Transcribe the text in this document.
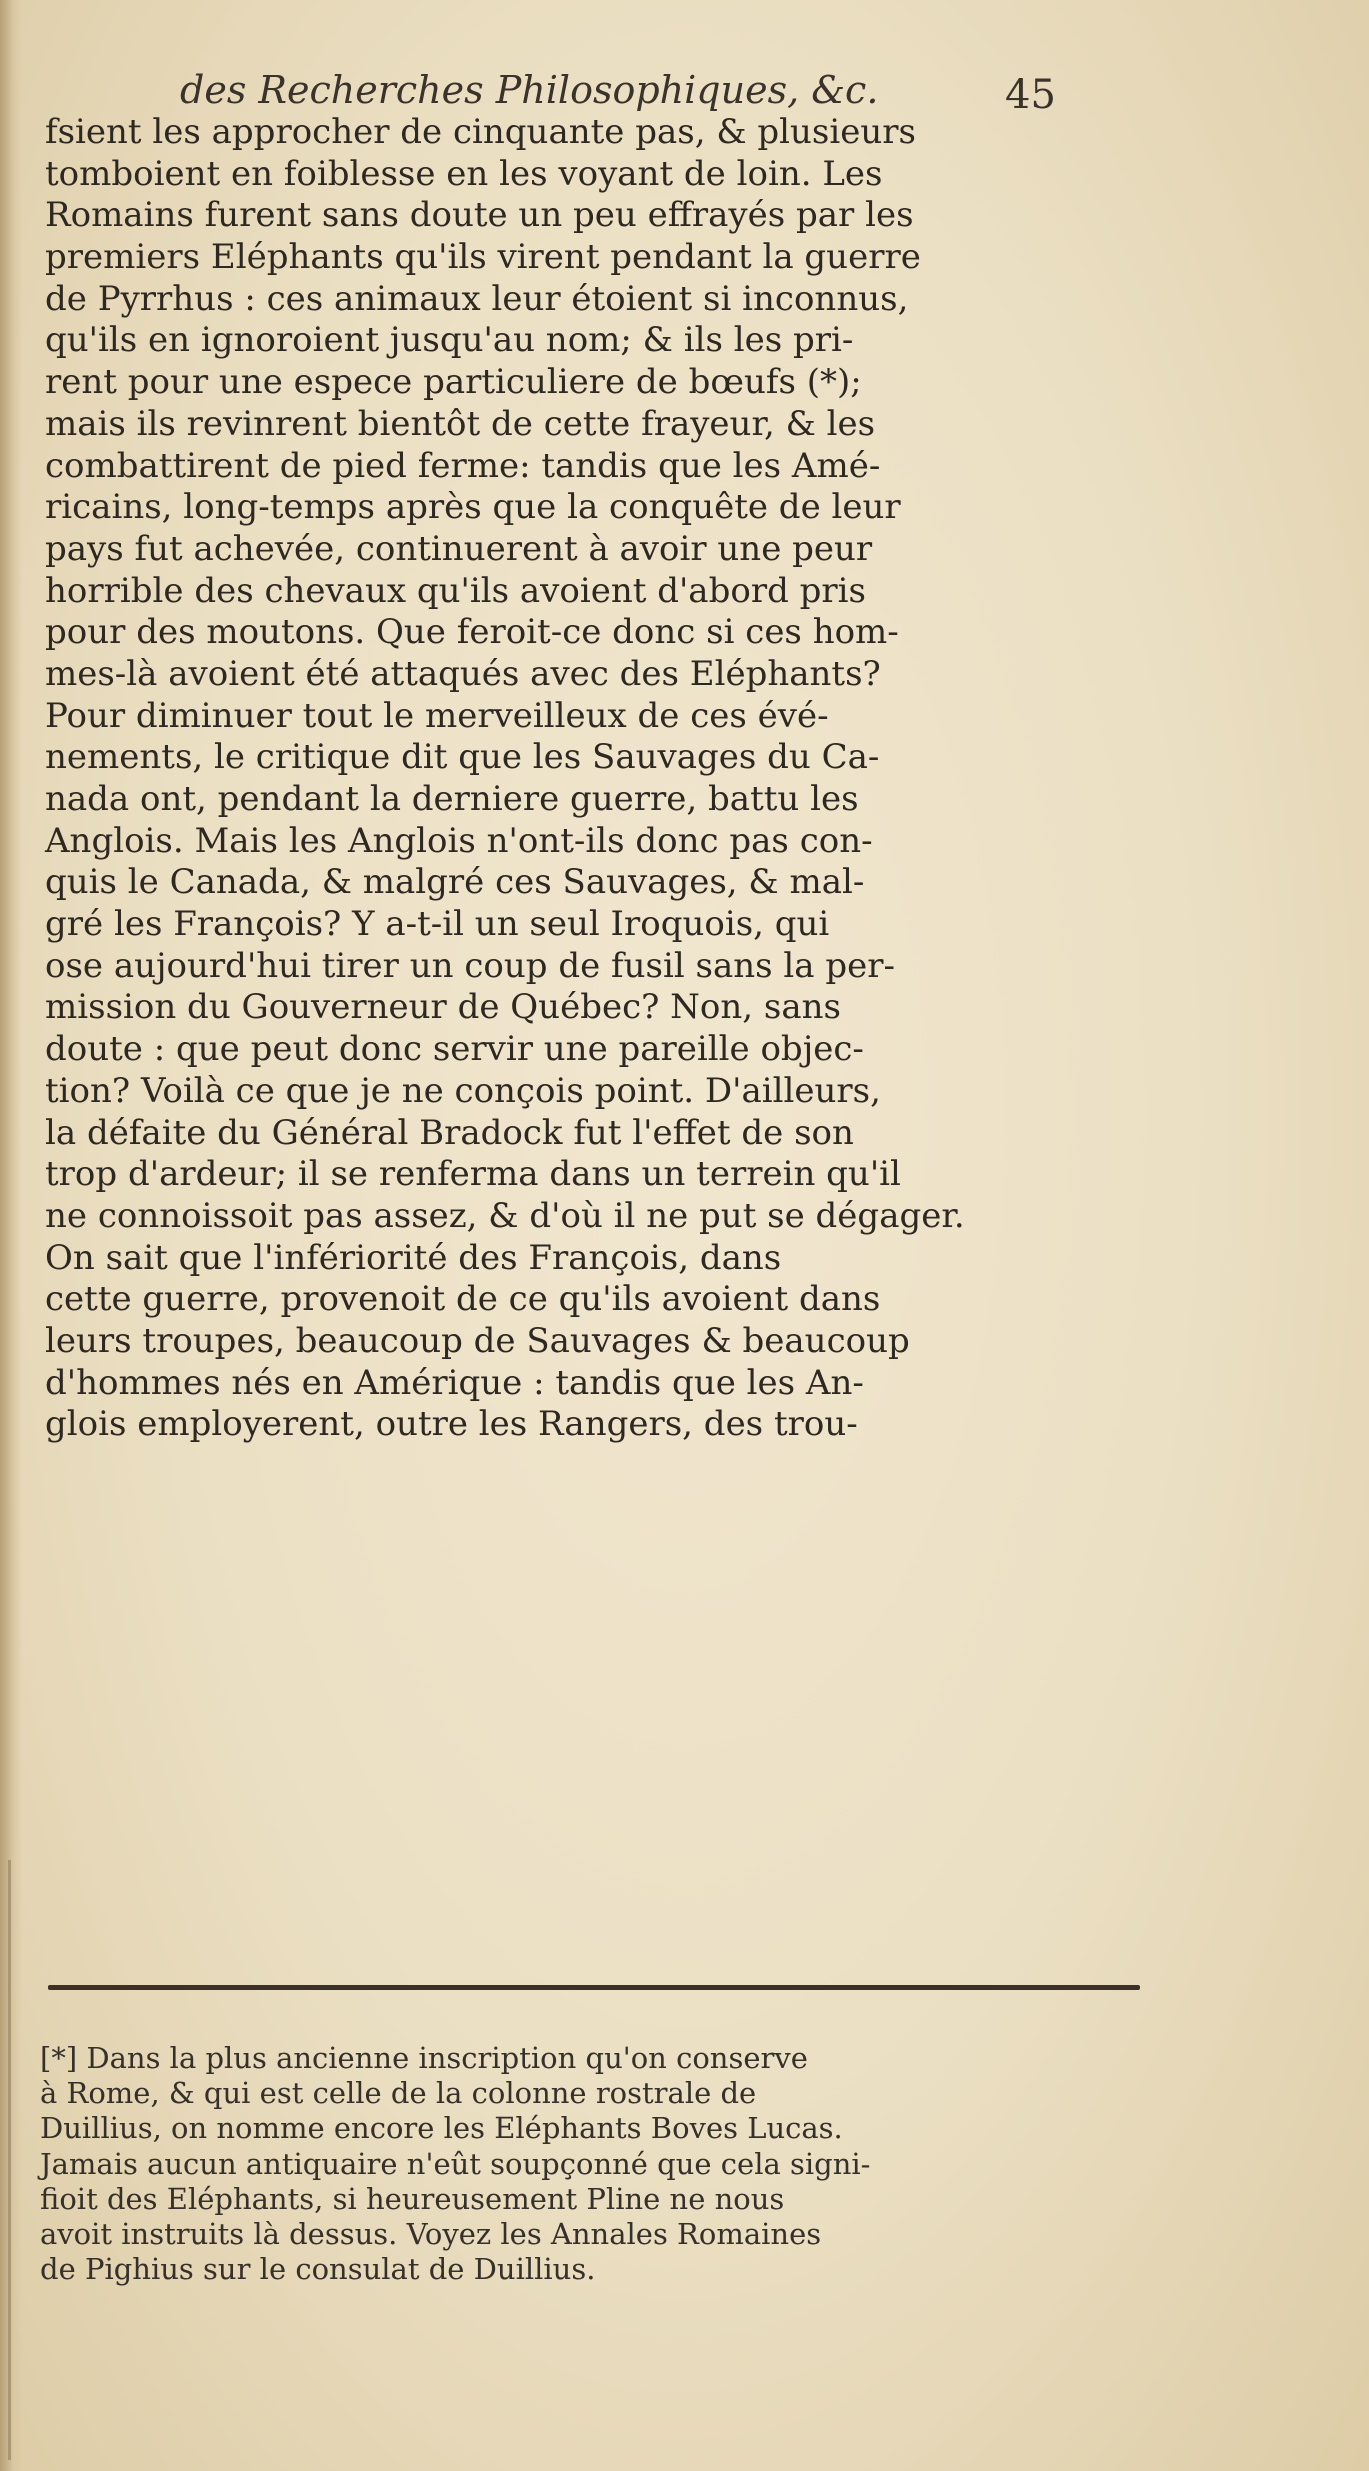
des Recherches Philosophiques, &c.	45
fsient les approcher de cinquante pas, & plusieurs
tomboient en foiblesse en les voyant de loin. Les
Romains furent sans doute un peu effrayés par les
premiers Eléphants qu'ils virent pendant la guerre
de Pyrrhus : ces animaux leur étoient si inconnus,
qu'ils en ignoroient jusqu'au nom; & ils les pri-
rent pour une espece particuliere de bœufs (*);
mais ils revinrent bientôt de cette frayeur, & les
combattirent de pied ferme: tandis que les Amé-
ricains, long-temps après que la conquête de leur
pays fut achevée, continuerent à avoir une peur
horrible des chevaux qu'ils avoient d'abord pris
pour des moutons. Que feroit-ce donc si ces hom-
mes-là avoient été attaqués avec des Eléphants?
Pour diminuer tout le merveilleux de ces évé-
nements, le critique dit que les Sauvages du Ca-
nada ont, pendant la derniere guerre, battu les
Anglois. Mais les Anglois n'ont-ils donc pas con-
quis le Canada, & malgré ces Sauvages, & mal-
gré les François? Y a-t-il un seul Iroquois, qui
ose aujourd'hui tirer un coup de fusil sans la per-
mission du Gouverneur de Québec? Non, sans
doute : que peut donc servir une pareille objec-
tion? Voilà ce que je ne conçois point. D'ailleurs,
la défaite du Général Bradock fut l'effet de son
trop d'ardeur; il se renferma dans un terrein qu'il
ne connoissoit pas assez, & d'où il ne put se dégager.
On sait que l'infériorité des François, dans
cette guerre, provenoit de ce qu'ils avoient dans
leurs troupes, beaucoup de Sauvages & beaucoup
d'hommes nés en Amérique : tandis que les An-
glois employerent, outre les Rangers, des trou-
[*] Dans la plus ancienne inscription qu'on conserve
à Rome, & qui est celle de la colonne rostrale de
Duillius, on nomme encore les Eléphants Boves Lucas.
Jamais aucun antiquaire n'eût soupçonné que cela signi-
fioit des Eléphants, si heureusement Pline ne nous
avoit instruits là dessus. Voyez les Annales Romaines
de Pighius sur le consulat de Duillius.
